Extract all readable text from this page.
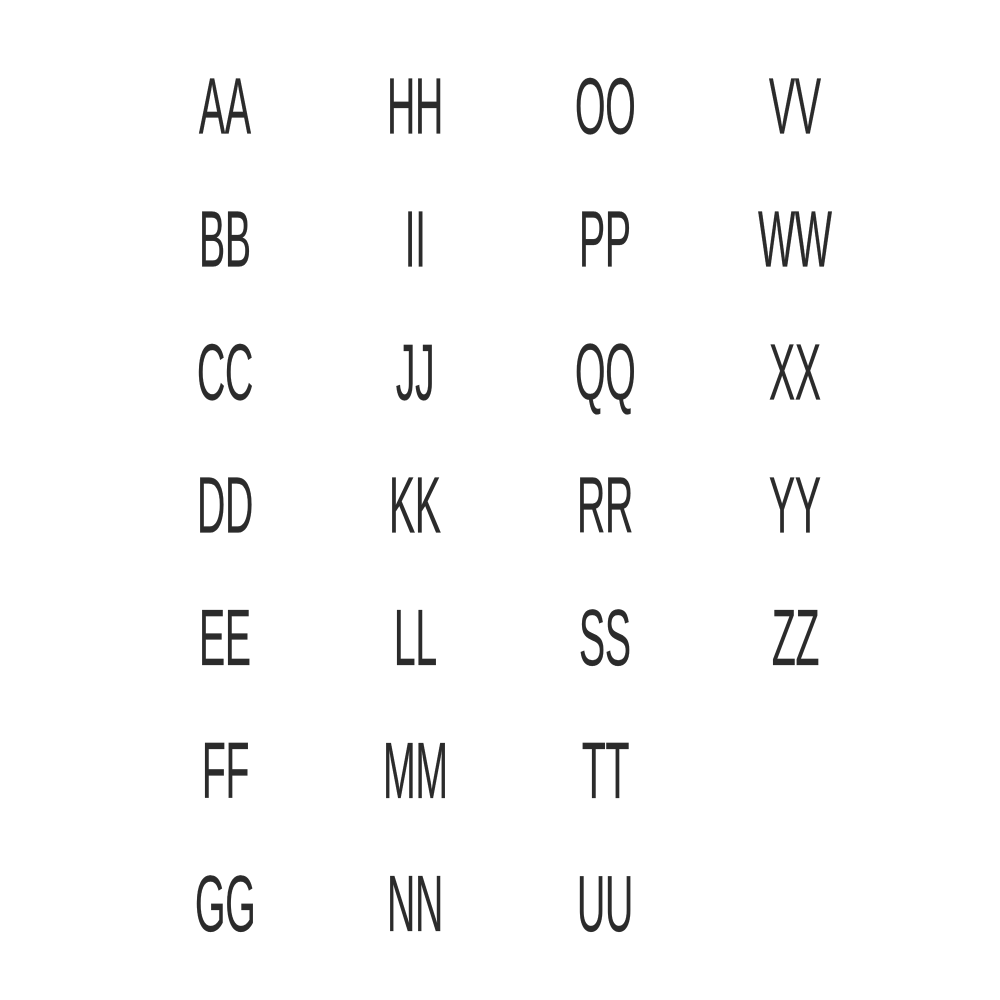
AA HH OO VV
BB II PP WW
CC JJ QQ XX
DD KK RR YY
EE LL SS ZZ
FF MM TT
GG NN UU
